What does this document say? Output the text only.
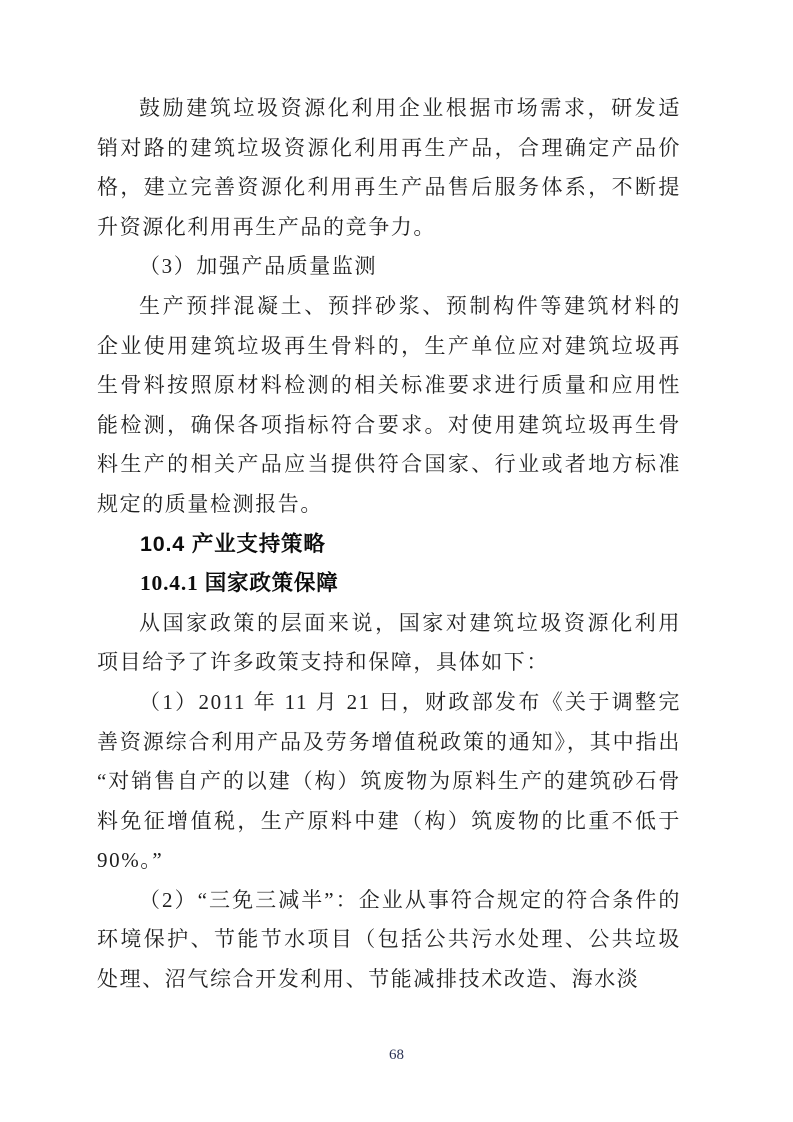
鼓励建筑垃圾资源化利用企业根据市场需求，研发适销对路的建筑垃圾资源化利用再生产品，合理确定产品价格，建立完善资源化利用再生产品售后服务体系，不断提升资源化利用再生产品的竞争力。

（3）加强产品质量监测

生产预拌混凝土、预拌砂浆、预制构件等建筑材料的企业使用建筑垃圾再生骨料的，生产单位应对建筑垃圾再生骨料按照原材料检测的相关标准要求进行质量和应用性能检测，确保各项指标符合要求。对使用建筑垃圾再生骨料生产的相关产品应当提供符合国家、行业或者地方标准规定的质量检测报告。

10.4 产业支持策略
10.4.1 国家政策保障

从国家政策的层面来说，国家对建筑垃圾资源化利用项目给予了许多政策支持和保障，具体如下：

（1）2011 年 11 月 21 日，财政部发布《关于调整完善资源综合利用产品及劳务增值税政策的通知》，其中指出“对销售自产的以建（构）筑废物为原料生产的建筑砂石骨料免征增值税，生产原料中建（构）筑废物的比重不低于 90%。”

（2）“三免三减半”：企业从事符合规定的符合条件的环境保护、节能节水项目（包括公共污水处理、公共垃圾处理、沼气综合开发利用、节能减排技术改造、海水淡

68
